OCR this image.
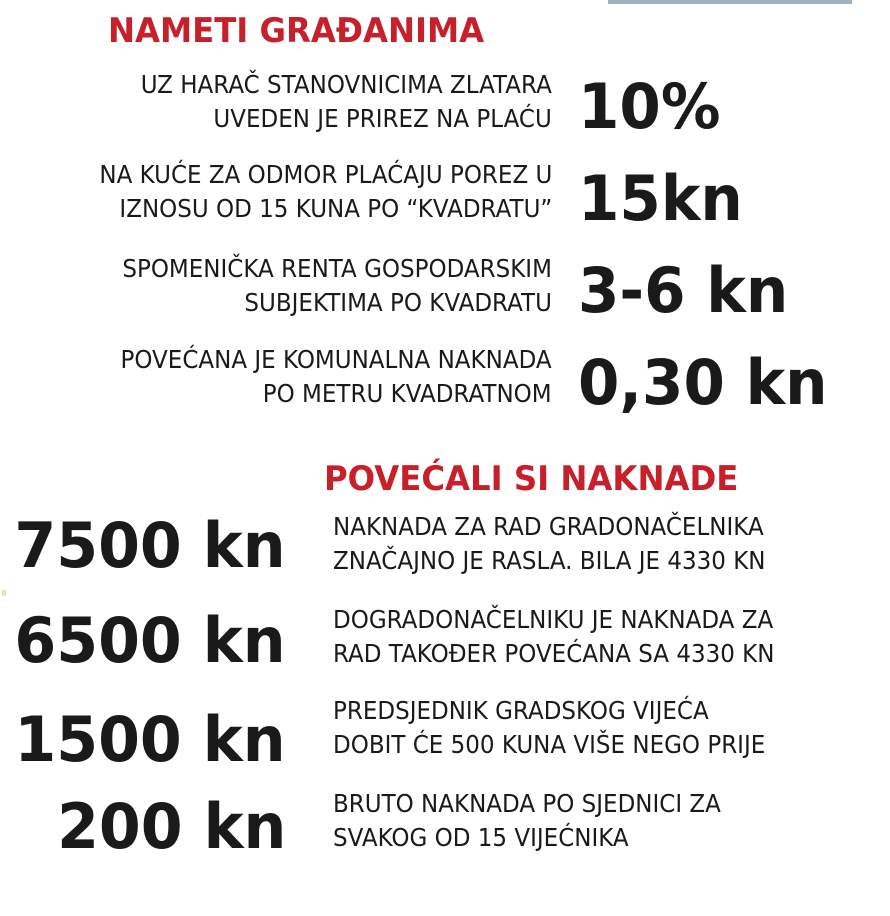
NAMETI GRAĐANIMA
UZ HARAČ STANOVNICIMA ZLATARA
UVEDEN JE PRIREZ NA PLAĆU 10%
NA KUĆE ZA ODMOR PLAĆAJU POREZ U
IZNOSU OD 15 KUNA PO “KVADRATU” 15kn
SPOMENIČKA RENTA GOSPODARSKIM
SUBJEKTIMA PO KVADRATU 3-6 kn
POVEĆANA JE KOMUNALNA NAKNADA
PO METRU KVADRATNOM 0,30 kn
POVEĆALI SI NAKNADE
7500 kn NAKNADA ZA RAD GRADONAČELNIKA
ZNAČAJNO JE RASLA. BILA JE 4330 KN
6500 kn DOGRADONAČELNIKU JE NAKNADA ZA
RAD TAKOĐER POVEĆANA SA 4330 KN
1500 kn PREDSJEDNIK GRADSKOG VIJEĆA
DOBIT ĆE 500 KUNA VIŠE NEGO PRIJE
200 kn BRUTO NAKNADA PO SJEDNICI ZA
SVAKOG OD 15 VIJEĆNIKA
